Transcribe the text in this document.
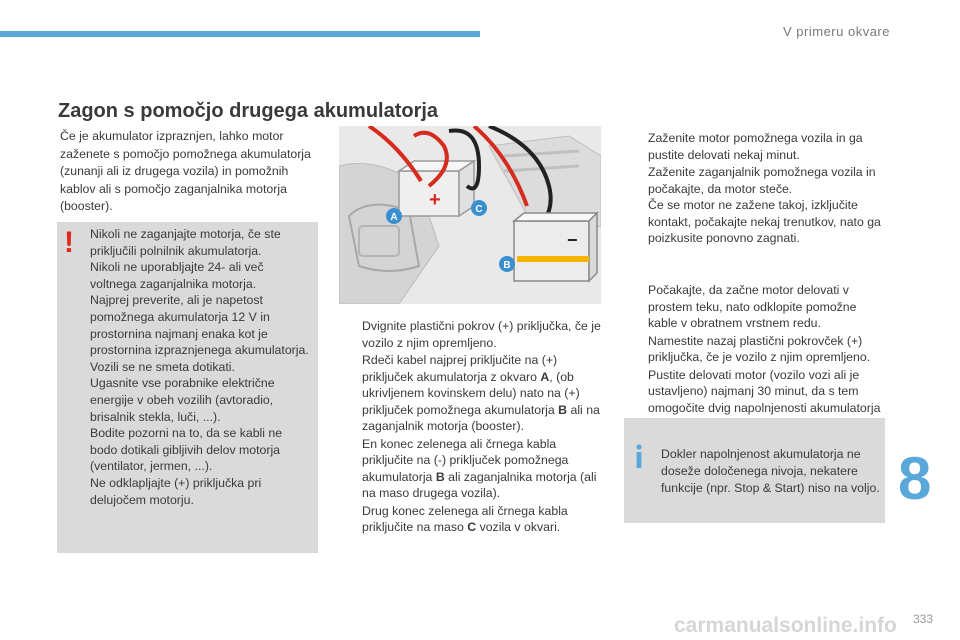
V primeru okvare
Zagon s pomočjo drugega akumulatorja
Če je akumulator izpraznjen, lahko motor zaženete s pomočjo pomožnega akumulatorja (zunanji ali iz drugega vozila) in pomožnih kablov ali s pomočjo zaganjalnika motorja (booster).
! Nikoli ne zaganjajte motorja, če ste priključili polnilnik akumulatorja.
Nikoli ne uporabljajte 24- ali več voltnega zaganjalnika motorja.
Najprej preverite, ali je napetost pomožnega akumulatorja 12 V in prostornina najmanj enaka kot je prostornina izpraznjenega akumulatorja.
Vozili se ne smeta dotikati.
Ugasnite vse porabnike električne energije v obeh vozilih (avtoradio, brisalnik stekla, luči, ...).
Bodite pozorni na to, da se kabli ne bodo dotikali gibljivih delov motorja (ventilator, jermen, ...).
Ne odklapljajte (+) priključka pri delujočem motorju.
+
−
A
C
B
Dvignite plastični pokrov (+) priključka, če je vozilo z njim opremljeno.
Rdeči kabel najprej priključite na (+) priključek akumulatorja z okvaro A, (ob ukrivljenem kovinskem delu) nato na (+) priključek pomožnega akumulatorja B ali na zaganjalnik motorja (booster).
En konec zelenega ali črnega kabla priključite na (-) priključek pomožnega akumulatorja B ali zaganjalnika motorja (ali na maso drugega vozila).
Drug konec zelenega ali črnega kabla priključite na maso C vozila v okvari.
Zaženite motor pomožnega vozila in ga pustite delovati nekaj minut.
Zaženite zaganjalnik pomožnega vozila in počakajte, da motor steče.
Če se motor ne zažene takoj, izključite kontakt, počakajte nekaj trenutkov, nato ga poizkusite ponovno zagnati.
Počakajte, da začne motor delovati v prostem teku, nato odklopite pomožne kable v obratnem vrstnem redu.
Namestite nazaj plastični pokrovček (+) priključka, če je vozilo z njim opremljeno.
Pustite delovati motor (vozilo vozi ali je ustavljeno) najmanj 30 minut, da s tem omogočite dvig napolnjenosti akumulatorja
Dokler napolnjenost akumulatorja ne doseže določenega nivoja, nekatere funkcije (npr. Stop & Start) niso na voljo. 8
carmanualsonline.info 333
